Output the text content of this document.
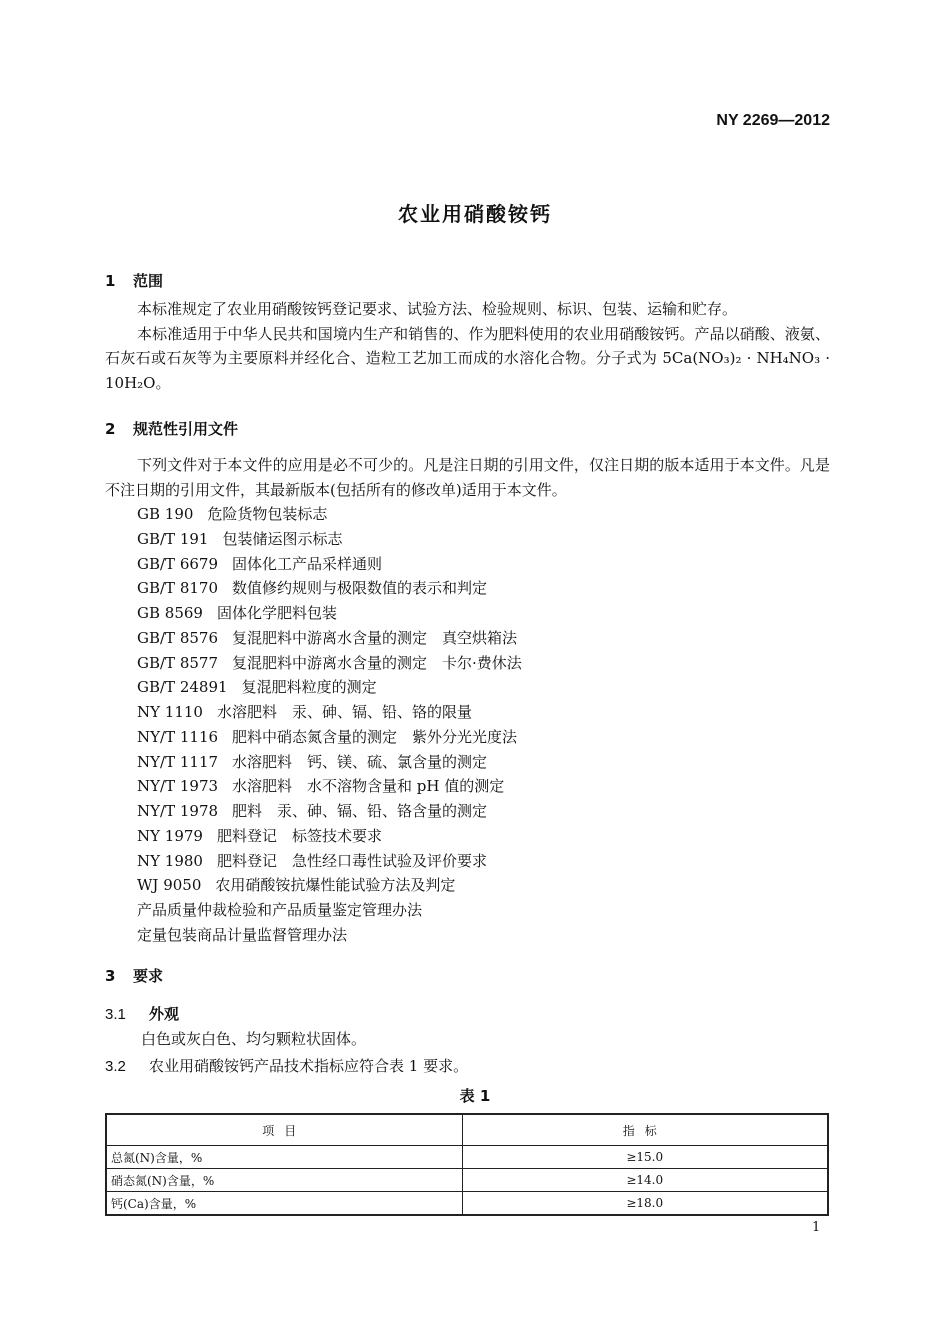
NY 2269—2012
农业用硝酸铵钙
1 范围

本标准规定了农业用硝酸铵钙登记要求、试验方法、检验规则、标识、包装、运输和贮存。

本标准适用于中华人民共和国境内生产和销售的、作为肥料使用的农业用硝酸铵钙。产品以硝酸、液氨、石灰石或石灰等为主要原料并经化合、造粒工艺加工而成的水溶化合物。分子式为 5Ca(NO₃)₂ · NH₄NO₃ · 10H₂O。

2 规范性引用文件

下列文件对于本文件的应用是必不可少的。凡是注日期的引用文件，仅注日期的版本适用于本文件。凡是不注日期的引用文件，其最新版本(包括所有的修改单)适用于本文件。

GB 190 危险货物包装标志
GB/T 191 包装储运图示标志
GB/T 6679 固体化工产品采样通则
GB/T 8170 数值修约规则与极限数值的表示和判定
GB 8569 固体化学肥料包装
GB/T 8576 复混肥料中游离水含量的测定　真空烘箱法
GB/T 8577 复混肥料中游离水含量的测定　卡尔·费休法
GB/T 24891 复混肥料粒度的测定
NY 1110 水溶肥料　汞、砷、镉、铅、铬的限量
NY/T 1116 肥料中硝态氮含量的测定　紫外分光光度法
NY/T 1117 水溶肥料　钙、镁、硫、氯含量的测定
NY/T 1973 水溶肥料　水不溶物含量和 pH 值的测定
NY/T 1978 肥料　汞、砷、镉、铅、铬含量的测定
NY 1979 肥料登记　标签技术要求
NY 1980 肥料登记　急性经口毒性试验及评价要求
WJ 9050 农用硝酸铵抗爆性能试验方法及判定
产品质量仲裁检验和产品质量鉴定管理办法
定量包装商品计量监督管理办法
3 要求
3.1 外观
白色或灰白色、均匀颗粒状固体。
3.2 农业用硝酸铵钙产品技术指标应符合表 1 要求。
表 1
项目	指标
总氮(N)含量，%	≥15.0
硝态氮(N)含量，%	≥14.0
钙(Ca)含量，%	≥18.0
1
